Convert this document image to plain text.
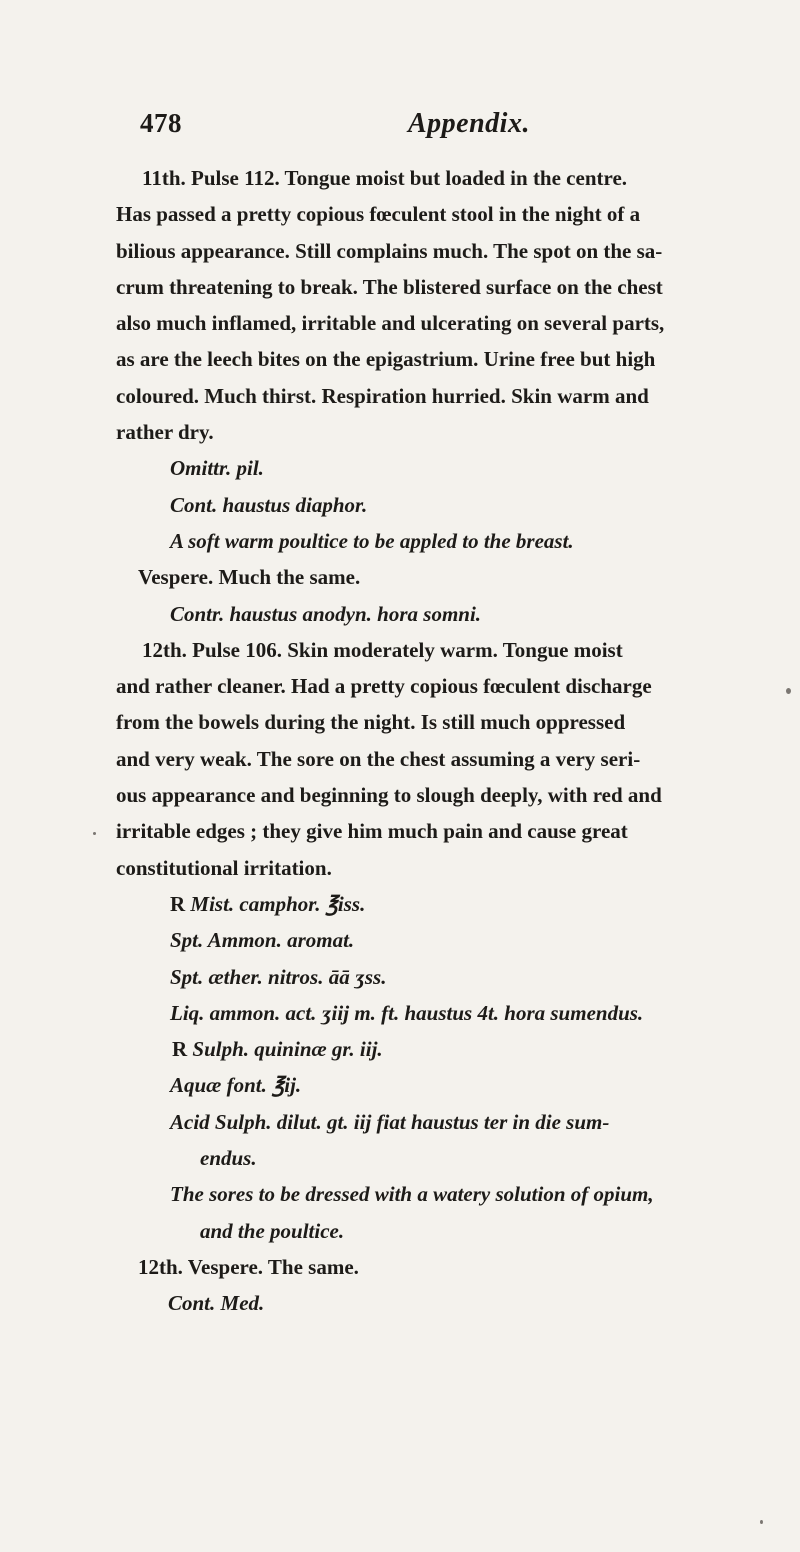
478	Appendix.
11th. Pulse 112. Tongue moist but loaded in the centre.
Has passed a pretty copious fœculent stool in the night of a
bilious appearance. Still complains much. The spot on the sa-
crum threatening to break. The blistered surface on the chest
also much inflamed, irritable and ulcerating on several parts,
as are the leech bites on the epigastrium. Urine free but high
coloured. Much thirst. Respiration hurried. Skin warm and
rather dry.

Omittr. pil.

Cont. haustus diaphor.

A soft warm poultice to be appled to the breast.

Vespere. Much the same.

Contr. haustus anodyn. hora somni.

12th. Pulse 106. Skin moderately warm. Tongue moist
and rather cleaner. Had a pretty copious fœculent discharge
from the bowels during the night. Is still much oppressed
and very weak. The sore on the chest assuming a very seri-
ous appearance and beginning to slough deeply, with red and
irritable edges ; they give him much pain and cause great
constitutional irritation.

R Mist. camphor. ℥iss.

Spt. Ammon. aromat.

Spt. æther. nitros. āā ʒss.

Liq. ammon. act. ʒiij m. ft. haustus 4t. hora sumendus.

R Sulph. quininæ gr. iij.

Aquæ font. ℥ij.

Acid Sulph. dilut. gt. iij fiat haustus ter in die sum-

endus.

The sores to be dressed with a watery solution of opium,

and the poultice.

12th. Vespere. The same.

Cont. Med.
